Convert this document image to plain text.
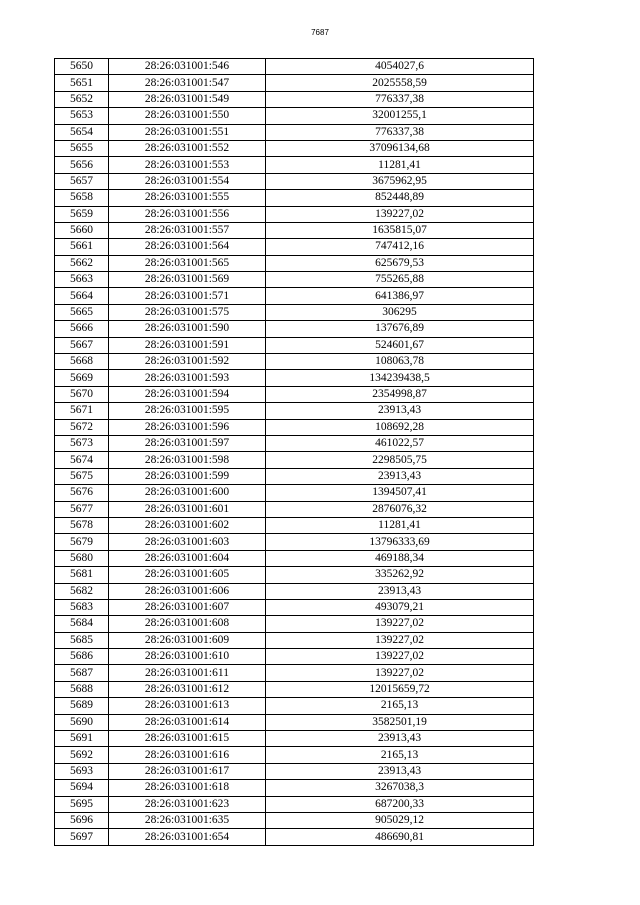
7687
5650	28:26:031001:546	4054027,6
5651	28:26:031001:547	2025558,59
5652	28:26:031001:549	776337,38
5653	28:26:031001:550	32001255,1
5654	28:26:031001:551	776337,38
5655	28:26:031001:552	37096134,68
5656	28:26:031001:553	11281,41
5657	28:26:031001:554	3675962,95
5658	28:26:031001:555	852448,89
5659	28:26:031001:556	139227,02
5660	28:26:031001:557	1635815,07
5661	28:26:031001:564	747412,16
5662	28:26:031001:565	625679,53
5663	28:26:031001:569	755265,88
5664	28:26:031001:571	641386,97
5665	28:26:031001:575	306295
5666	28:26:031001:590	137676,89
5667	28:26:031001:591	524601,67
5668	28:26:031001:592	108063,78
5669	28:26:031001:593	134239438,5
5670	28:26:031001:594	2354998,87
5671	28:26:031001:595	23913,43
5672	28:26:031001:596	108692,28
5673	28:26:031001:597	461022,57
5674	28:26:031001:598	2298505,75
5675	28:26:031001:599	23913,43
5676	28:26:031001:600	1394507,41
5677	28:26:031001:601	2876076,32
5678	28:26:031001:602	11281,41
5679	28:26:031001:603	13796333,69
5680	28:26:031001:604	469188,34
5681	28:26:031001:605	335262,92
5682	28:26:031001:606	23913,43
5683	28:26:031001:607	493079,21
5684	28:26:031001:608	139227,02
5685	28:26:031001:609	139227,02
5686	28:26:031001:610	139227,02
5687	28:26:031001:611	139227,02
5688	28:26:031001:612	12015659,72
5689	28:26:031001:613	2165,13
5690	28:26:031001:614	3582501,19
5691	28:26:031001:615	23913,43
5692	28:26:031001:616	2165,13
5693	28:26:031001:617	23913,43
5694	28:26:031001:618	3267038,3
5695	28:26:031001:623	687200,33
5696	28:26:031001:635	905029,12
5697	28:26:031001:654	486690,81
